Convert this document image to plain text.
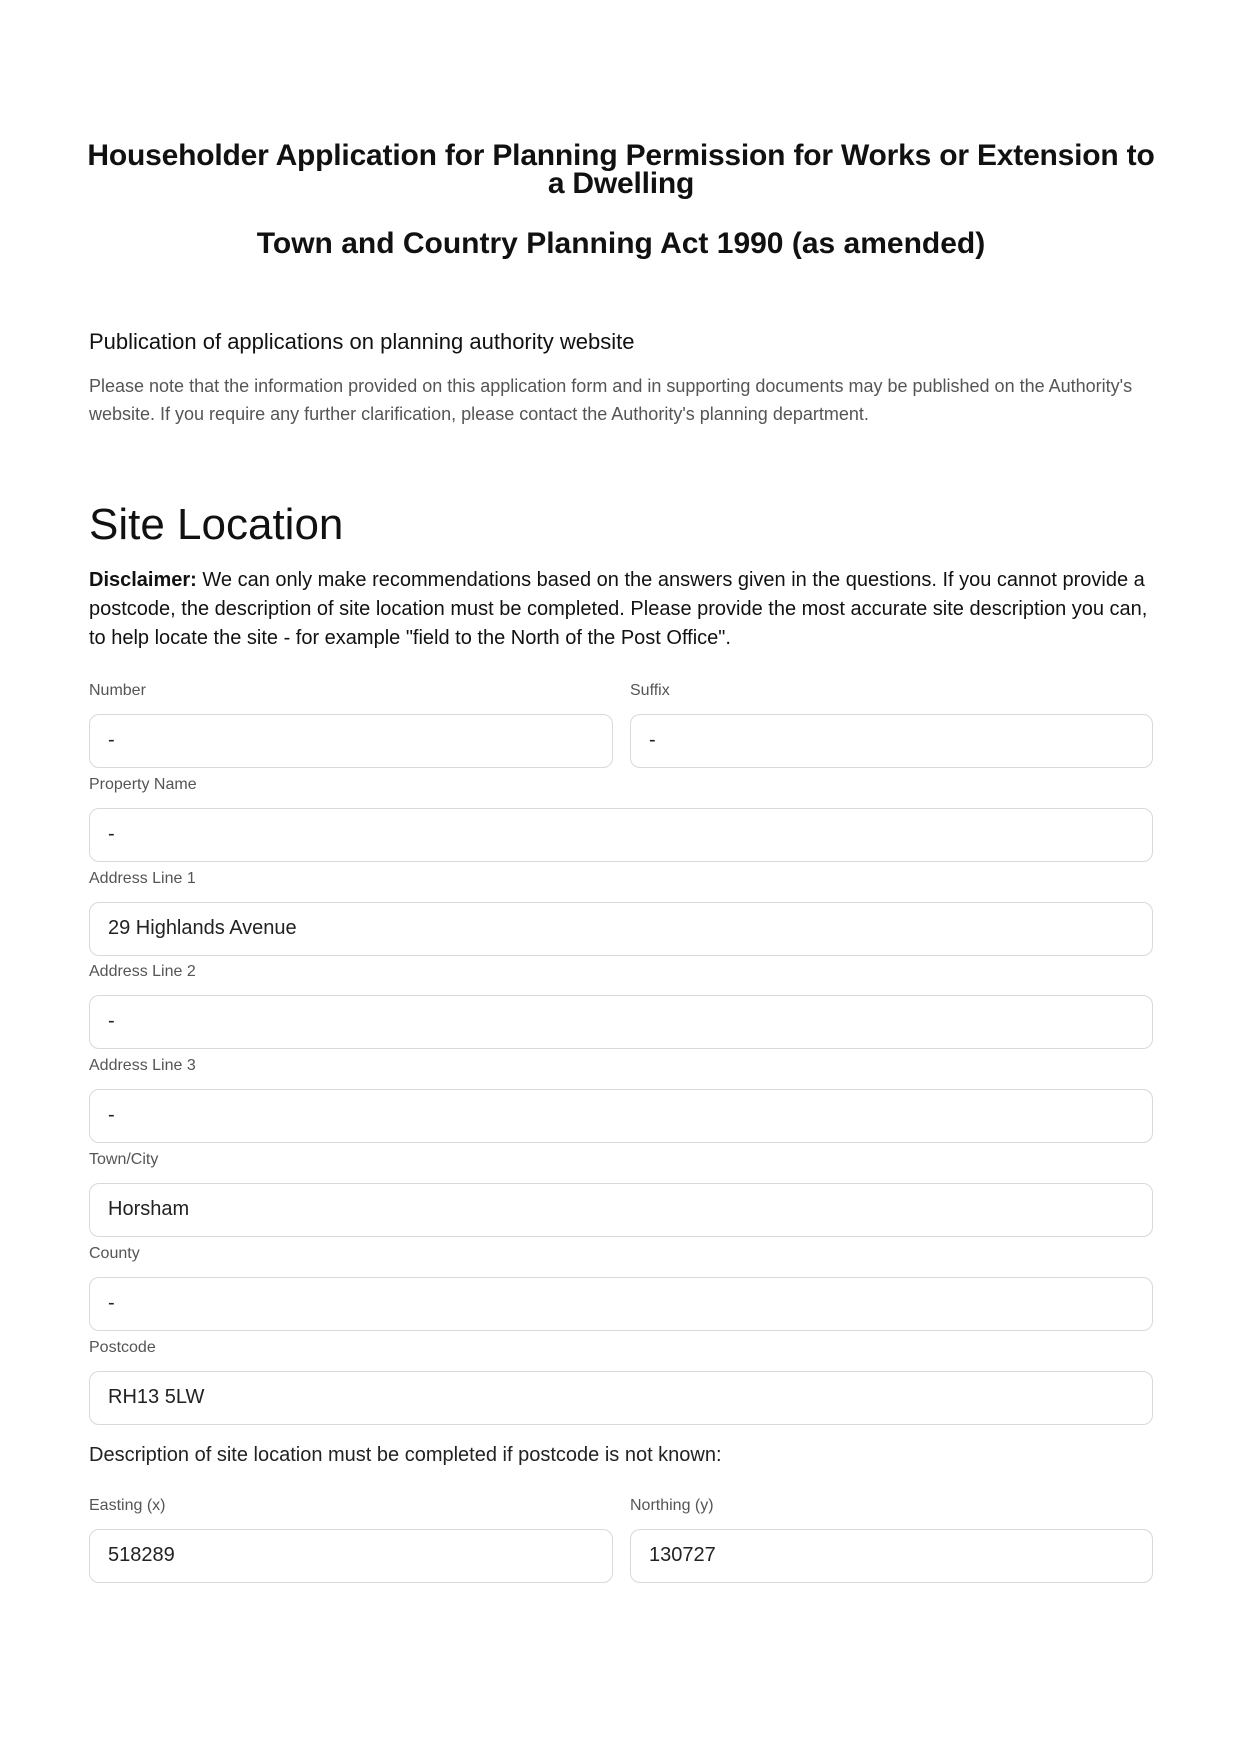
Householder Application for Planning Permission for Works or Extension to a Dwelling
Town and Country Planning Act 1990 (as amended)
Publication of applications on planning authority website

Please note that the information provided on this application form and in supporting documents may be published on the Authority's website. If you require any further clarification, please contact the Authority's planning department.

Site Location

Disclaimer: We can only make recommendations based on the answers given in the questions. If you cannot provide a postcode, the description of site location must be completed. Please provide the most accurate site description you can, to help locate the site - for example "field to the North of the Post Office".

Number
-
Suffix
-
Property Name
-
Address Line 1
29 Highlands Avenue
Address Line 2
-
Address Line 3
-
Town/City
Horsham
County
-
Postcode
RH13 5LW

Description of site location must be completed if postcode is not known:

Easting (x)
518289
Northing (y)
130727
